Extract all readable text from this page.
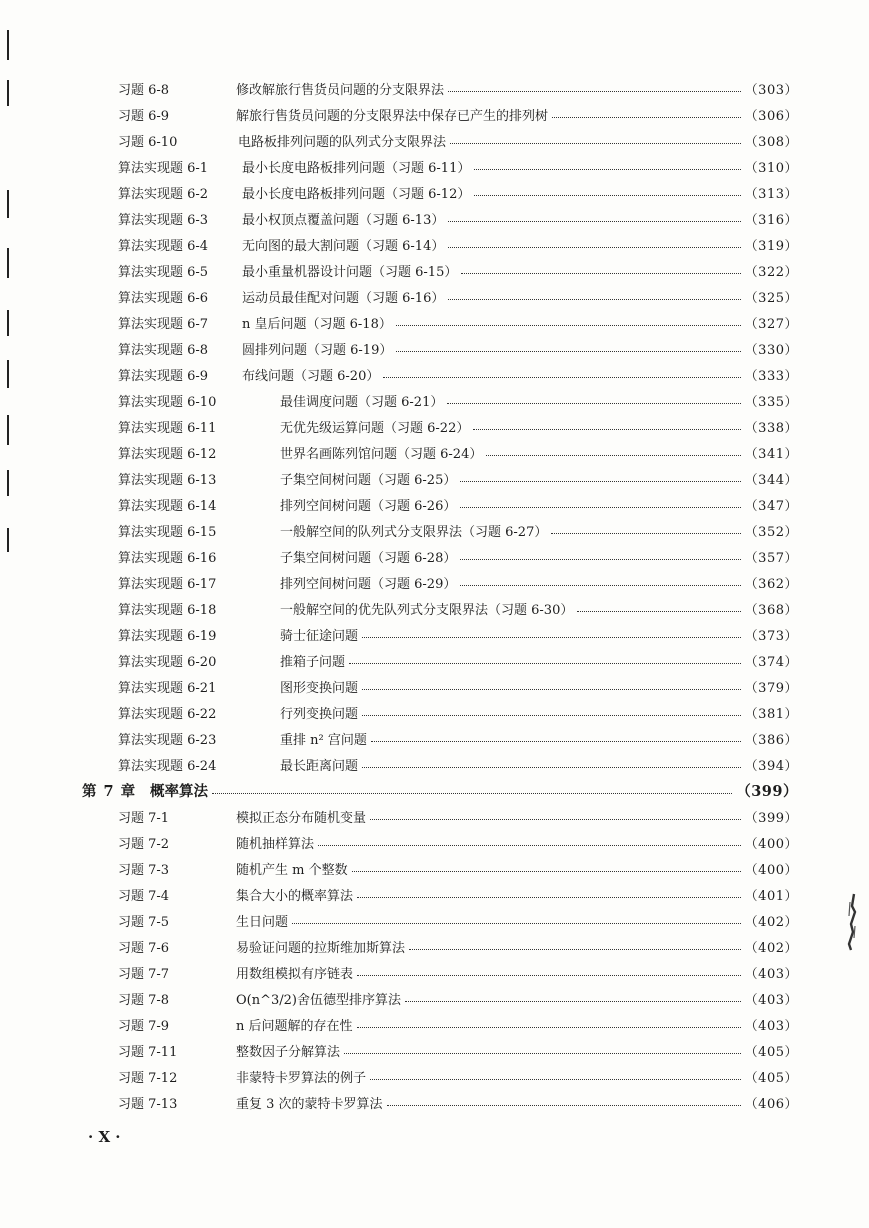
习题 6-8	修改解旅行售货员问题的分支限界法	（303）
习题 6-9	解旅行售货员问题的分支限界法中保存已产生的排列树	（306）
习题 6-10	电路板排列问题的队列式分支限界法	（308）
算法实现题 6-1	最小长度电路板排列问题（习题 6-11）	（310）
算法实现题 6-2	最小长度电路板排列问题（习题 6-12）	（313）
算法实现题 6-3	最小权顶点覆盖问题（习题 6-13）	（316）
算法实现题 6-4	无向图的最大割问题（习题 6-14）	（319）
算法实现题 6-5	最小重量机器设计问题（习题 6-15）	（322）
算法实现题 6-6	运动员最佳配对问题（习题 6-16）	（325）
算法实现题 6-7	n 皇后问题（习题 6-18）	（327）
算法实现题 6-8	圆排列问题（习题 6-19）	（330）
算法实现题 6-9	布线问题（习题 6-20）	（333）
算法实现题 6-10	最佳调度问题（习题 6-21）	（335）
算法实现题 6-11	无优先级运算问题（习题 6-22）	（338）
算法实现题 6-12	世界名画陈列馆问题（习题 6-24）	（341）
算法实现题 6-13	子集空间树问题（习题 6-25）	（344）
算法实现题 6-14	排列空间树问题（习题 6-26）	（347）
算法实现题 6-15	一般解空间的队列式分支限界法（习题 6-27）	（352）
算法实现题 6-16	子集空间树问题（习题 6-28）	（357）
算法实现题 6-17	排列空间树问题（习题 6-29）	（362）
算法实现题 6-18	一般解空间的优先队列式分支限界法（习题 6-30）	（368）
算法实现题 6-19	骑士征途问题	（373）
算法实现题 6-20	推箱子问题	（374）
算法实现题 6-21	图形变换问题	（379）
算法实现题 6-22	行列变换问题	（381）
算法实现题 6-23	重排 n² 宫问题	（386）
算法实现题 6-24	最长距离问题	（394）
第 7 章 概率算法	（399）
习题 7-1	模拟正态分布随机变量	（399）
习题 7-2	随机抽样算法	（400）
习题 7-3	随机产生 m 个整数	（400）
习题 7-4	集合大小的概率算法	（401）
习题 7-5	生日问题	（402）
习题 7-6	易验证问题的拉斯维加斯算法	（402）
习题 7-7	用数组模拟有序链表	（403）
习题 7-8	O(n^3/2)舍伍德型排序算法	（403）
习题 7-9	n 后问题解的存在性	（403）
习题 7-11	整数因子分解算法	（405）
习题 7-12	非蒙特卡罗算法的例子	（405）
习题 7-13	重复 3 次的蒙特卡罗算法	（406）
· X ·
